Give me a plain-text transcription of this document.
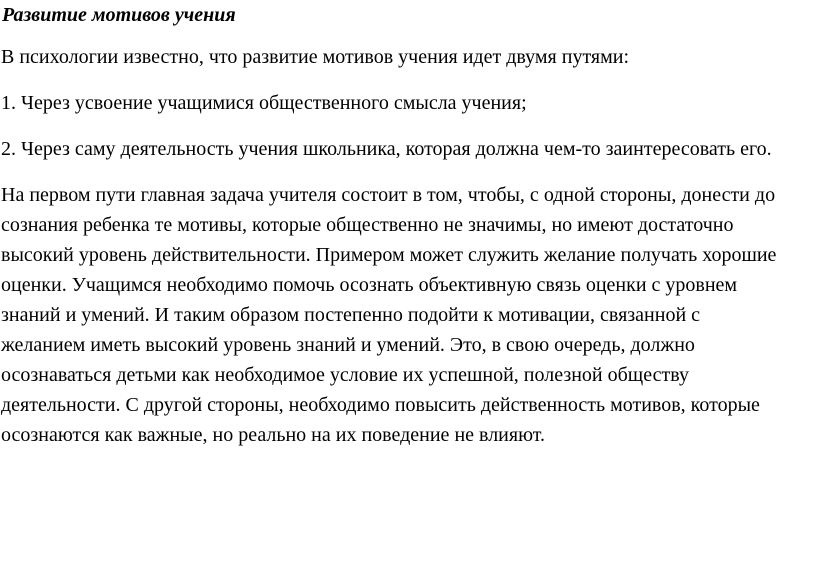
Развитие мотивов учения

В психологии известно, что развитие мотивов учения идет двумя путями:

1. Через усвоение учащимися общественного смысла учения;

2. Через саму деятельность учения школьника, которая должна чем-то заинтересовать его.

На первом пути главная задача учителя состоит в том, чтобы, с одной стороны, донести до
сознания ребенка те мотивы, которые общественно не значимы, но имеют достаточно
высокий уровень действительности. Примером может служить желание получать хорошие
оценки. Учащимся необходимо помочь осознать объективную связь оценки с уровнем
знаний и умений. И таким образом постепенно подойти к мотивации, связанной с
желанием иметь высокий уровень знаний и умений. Это, в свою очередь, должно
осознаваться детьми как необходимое условие их успешной, полезной обществу
деятельности. С другой стороны, необходимо повысить действенность мотивов, которые
осознаются как важные, но реально на их поведение не влияют.
